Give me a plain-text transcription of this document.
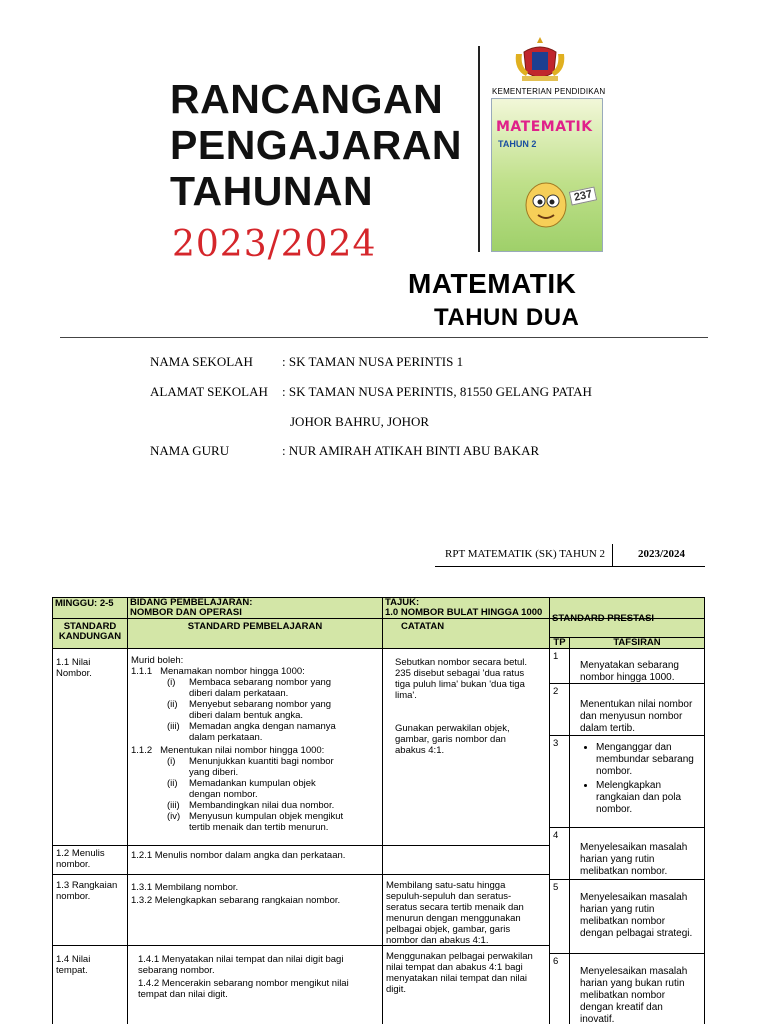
RANCANGAN
PENGAJARAN
TAHUNAN
2023/2024
KEMENTERIAN PENDIDIKAN
MATEMATIK
TAHUN 2
237
MATEMATIK
TAHUN DUA
NAMA SEKOLAH : SK TAMAN NUSA PERINTIS 1
ALAMAT SEKOLAH : SK TAMAN NUSA PERINTIS, 81550 GELANG PATAH
JOHOR BAHRU, JOHOR
NAMA GURU	: NUR AMIRAH ATIKAH BINTI ABU BAKAR
RPT MATEMATIK (SK) TAHUN 2	2023/2024
MINGGU: 2-5	BIDANG PEMBELAJARAN:
NOMBOR DAN OPERASI
TAJUK:
1.0 NOMBOR BULAT HINGGA 1000
STANDARD KANDUNGAN
STANDARD PEMBELAJARAN	CATATAN
STANDARD PRESTASI
TP	TAFSIRAN
1.1 Nilai Nombor.
Murid boleh:
1.1.1 Menamakan nombor hingga 1000:
(i)	Membaca sebarang nombor yang diberi dalam perkataan.
(ii)	Menyebut sebarang nombor yang diberi dalam bentuk angka.
(iii) Memadan angka dengan namanya dalam perkataan.
1.1.2 Menentukan nilai nombor hingga 1000:
(i)	Menunjukkan kuantiti bagi nombor yang diberi.
(ii)	Memadankan kumpulan objek dengan nombor.
(iii) Membandingkan nilai dua nombor.
(iv) Menyusun kumpulan objek mengikut tertib menaik dan tertib menurun.
Sebutkan nombor secara betul. 235 disebut sebagai 'dua ratus tiga puluh lima' bukan 'dua tiga lima'.
Gunakan perwakilan objek, gambar, garis nombor dan abakus 4:1.
1.2 Menulis nombor.
1.2.1 Menulis nombor dalam angka dan perkataan.
1.3 Rangkaian nombor.
1.3.1 Membilang nombor.
1.3.2 Melengkapkan sebarang rangkaian nombor.
Membilang satu-satu hingga sepuluh-sepuluh dan seratus-seratus secara tertib menaik dan menurun dengan menggunakan pelbagai objek, gambar, garis nombor dan abakus 4:1.
1.4 Nilai tempat.
1.4.1 Menyatakan nilai tempat dan nilai digit bagi sebarang nombor.
1.4.2 Mencerakin sebarang nombor mengikut nilai tempat dan nilai digit.
Menggunakan pelbagai perwakilan nilai tempat dan abakus 4:1 bagi menyatakan nilai tempat dan nilai digit.
1
Menyatakan sebarang nombor hingga 1000.
2
Menentukan nilai nombor dan menyusun nombor dalam tertib.
3
•	Menganggar dan membundar sebarang nombor.
• Melengkapkan rangkaian dan pola nombor.
4
Menyelesaikan masalah harian yang rutin melibatkan nombor.
5
Menyelesaikan masalah harian yang rutin melibatkan nombor dengan pelbagai strategi.
6
Menyelesaikan masalah harian yang bukan rutin melibatkan nombor dengan kreatif dan inovatif.
